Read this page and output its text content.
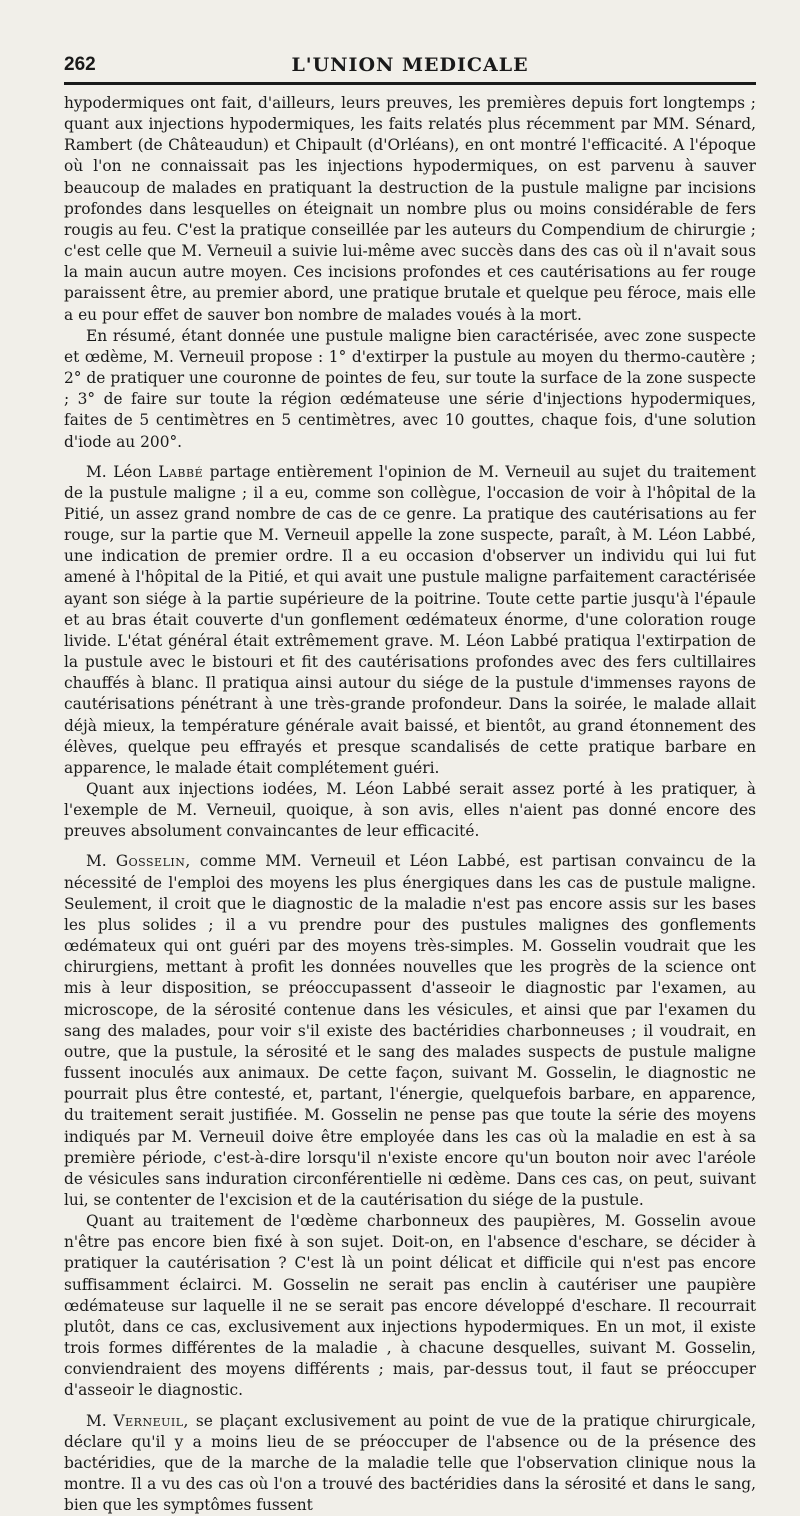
262	L'UNION MEDICALE

hypodermiques ont fait, d'ailleurs, leurs preuves, les premières depuis fort longtemps ; quant aux injections hypodermiques, les faits relatés plus récemment par MM. Sénard, Rambert (de Châteaudun) et Chipault (d'Orléans), en ont montré l'efficacité. A l'époque où l'on ne connaissait pas les injections hypodermiques, on est parvenu à sauver beaucoup de malades en pratiquant la destruction de la pustule maligne par incisions profondes dans lesquelles on éteignait un nombre plus ou moins considérable de fers rougis au feu. C'est la pratique conseillée par les auteurs du Compendium de chirurgie ; c'est celle que M. Verneuil a suivie lui-même avec succès dans des cas où il n'avait sous la main aucun autre moyen. Ces incisions profondes et ces cautérisations au fer rouge paraissent être, au premier abord, une pratique brutale et quelque peu féroce, mais elle a eu pour effet de sauver bon nombre de malades voués à la mort.

En résumé, étant donnée une pustule maligne bien caractérisée, avec zone suspecte et œdème, M. Verneuil propose : 1° d'extirper la pustule au moyen du thermo-cautère ; 2° de pratiquer une couronne de pointes de feu, sur toute la surface de la zone suspecte ; 3° de faire sur toute la région œdémateuse une série d'injections hypodermiques, faites de 5 centimètres en 5 centimètres, avec 10 gouttes, chaque fois, d'une solution d'iode au 200°.

M. Léon Labbé partage entièrement l'opinion de M. Verneuil au sujet du traitement de la pustule maligne ; il a eu, comme son collègue, l'occasion de voir à l'hôpital de la Pitié, un assez grand nombre de cas de ce genre. La pratique des cautérisations au fer rouge, sur la partie que M. Verneuil appelle la zone suspecte, paraît, à M. Léon Labbé, une indication de premier ordre. Il a eu occasion d'observer un individu qui lui fut amené à l'hôpital de la Pitié, et qui avait une pustule maligne parfaitement caractérisée ayant son siége à la partie supérieure de la poitrine. Toute cette partie jusqu'à l'épaule et au bras était couverte d'un gonflement œdémateux énorme, d'une coloration rouge livide. L'état général était extrêmement grave. M. Léon Labbé pratiqua l'extirpation de la pustule avec le bistouri et fit des cautérisations profondes avec des fers cultillaires chauffés à blanc. Il pratiqua ainsi autour du siége de la pustule d'immenses rayons de cautérisations pénétrant à une très-grande profondeur. Dans la soirée, le malade allait déjà mieux, la température générale avait baissé, et bientôt, au grand étonnement des élèves, quelque peu effrayés et presque scandalisés de cette pratique barbare en apparence, le malade était complétement guéri.

Quant aux injections iodées, M. Léon Labbé serait assez porté à les pratiquer, à l'exemple de M. Verneuil, quoique, à son avis, elles n'aient pas donné encore des preuves absolument convaincantes de leur efficacité.

M. Gosselin, comme MM. Verneuil et Léon Labbé, est partisan convaincu de la nécessité de l'emploi des moyens les plus énergiques dans les cas de pustule maligne. Seulement, il croit que le diagnostic de la maladie n'est pas encore assis sur les bases les plus solides ; il a vu prendre pour des pustules malignes des gonflements œdémateux qui ont guéri par des moyens très-simples. M. Gosselin voudrait que les chirurgiens, mettant à profit les données nouvelles que les progrès de la science ont mis à leur disposition, se préoccupassent d'asseoir le diagnostic par l'examen, au microscope, de la sérosité contenue dans les vésicules, et ainsi que par l'examen du sang des malades, pour voir s'il existe des bactéridies charbonneuses ; il voudrait, en outre, que la pustule, la sérosité et le sang des malades suspects de pustule maligne fussent inoculés aux animaux. De cette façon, suivant M. Gosselin, le diagnostic ne pourrait plus être contesté, et, partant, l'énergie, quelquefois barbare, en apparence, du traitement serait justifiée. M. Gosselin ne pense pas que toute la série des moyens indiqués par M. Verneuil doive être employée dans les cas où la maladie en est à sa première période, c'est-à-dire lorsqu'il n'existe encore qu'un bouton noir avec l'aréole de vésicules sans induration circonférentielle ni œdème. Dans ces cas, on peut, suivant lui, se contenter de l'excision et de la cautérisation du siége de la pustule.

Quant au traitement de l'œdème charbonneux des paupières, M. Gosselin avoue n'être pas encore bien fixé à son sujet. Doit-on, en l'absence d'eschare, se décider à pratiquer la cautérisation ? C'est là un point délicat et difficile qui n'est pas encore suffisamment éclairci. M. Gosselin ne serait pas enclin à cautériser une paupière œdémateuse sur laquelle il ne se serait pas encore développé d'eschare. Il recourrait plutôt, dans ce cas, exclusivement aux injections hypodermiques. En un mot, il existe trois formes différentes de la maladie , à chacune desquelles, suivant M. Gosselin, conviendraient des moyens différents ; mais, par-dessus tout, il faut se préoccuper d'asseoir le diagnostic.

M. Verneuil, se plaçant exclusivement au point de vue de la pratique chirurgicale, déclare qu'il y a moins lieu de se préoccuper de l'absence ou de la présence des bactéridies, que de la marche de la maladie telle que l'observation clinique nous la montre. Il a vu des cas où l'on a trouvé des bactéridies dans la sérosité et dans le sang, bien que les symptômes fussent
